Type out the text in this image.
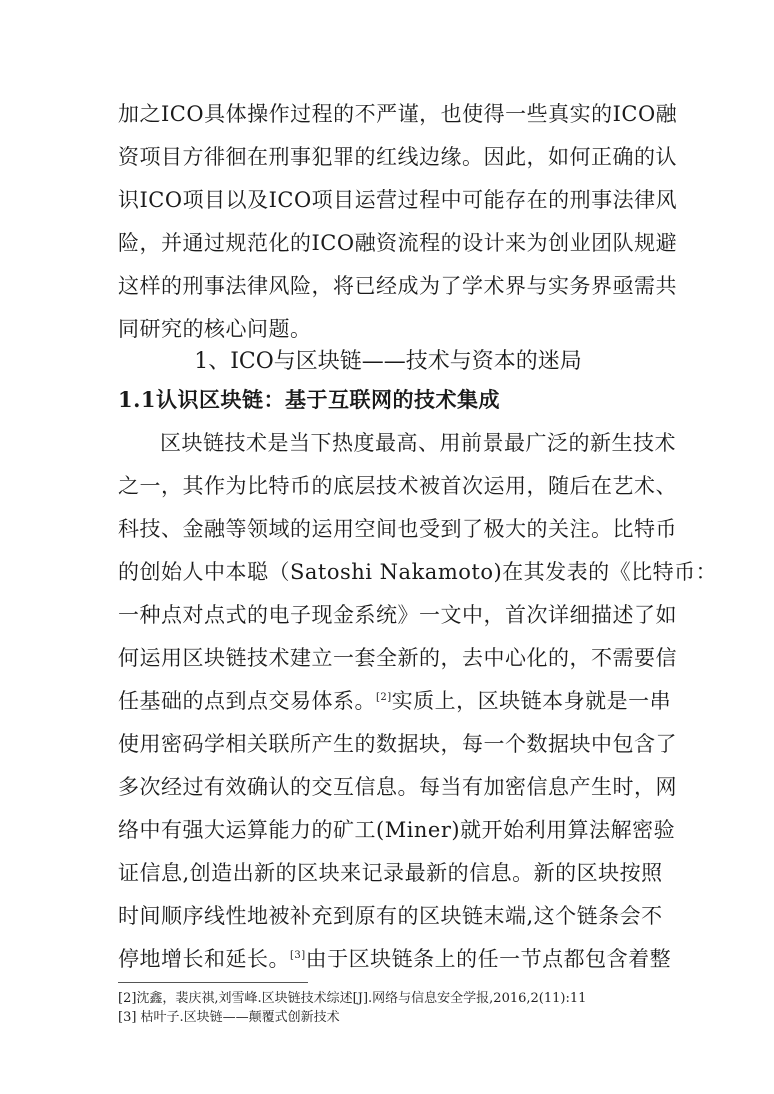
加之ICO具体操作过程的不严谨，也使得一些真实的ICO融
资项目方徘徊在刑事犯罪的红线边缘。因此，如何正确的认
识ICO项目以及ICO项目运营过程中可能存在的刑事法律风
险，并通过规范化的ICO融资流程的设计来为创业团队规避
这样的刑事法律风险，将已经成为了学术界与实务界亟需共
同研究的核心问题。
1、ICO与区块链——技术与资本的迷局
1.1认识区块链：基于互联网的技术集成
区块链技术是当下热度最高、用前景最广泛的新生技术
之一，其作为比特币的底层技术被首次运用，随后在艺术、
科技、金融等领域的运用空间也受到了极大的关注。比特币
的创始人中本聪（Satoshi Nakamoto)在其发表的《比特币：
一种点对点式的电子现金系统》一文中，首次详细描述了如
何运用区块链技术建立一套全新的，去中心化的，不需要信
任基础的点到点交易体系。[2]实质上，区块链本身就是一串
使用密码学相关联所产生的数据块，每一个数据块中包含了
多次经过有效确认的交互信息。每当有加密信息产生时，网
络中有强大运算能力的矿工(Miner)就开始利用算法解密验
证信息,创造出新的区块来记录最新的信息。新的区块按照
时间顺序线性地被补充到原有的区块链末端,这个链条会不
停地增长和延长。[3]由于区块链条上的任一节点都包含着整
[2]沈鑫，裴庆祺,刘雪峰.区块链技术综述[J].网络与信息安全学报,2016,2(11):11
[3] 枯叶子.区块链——颠覆式创新技术
